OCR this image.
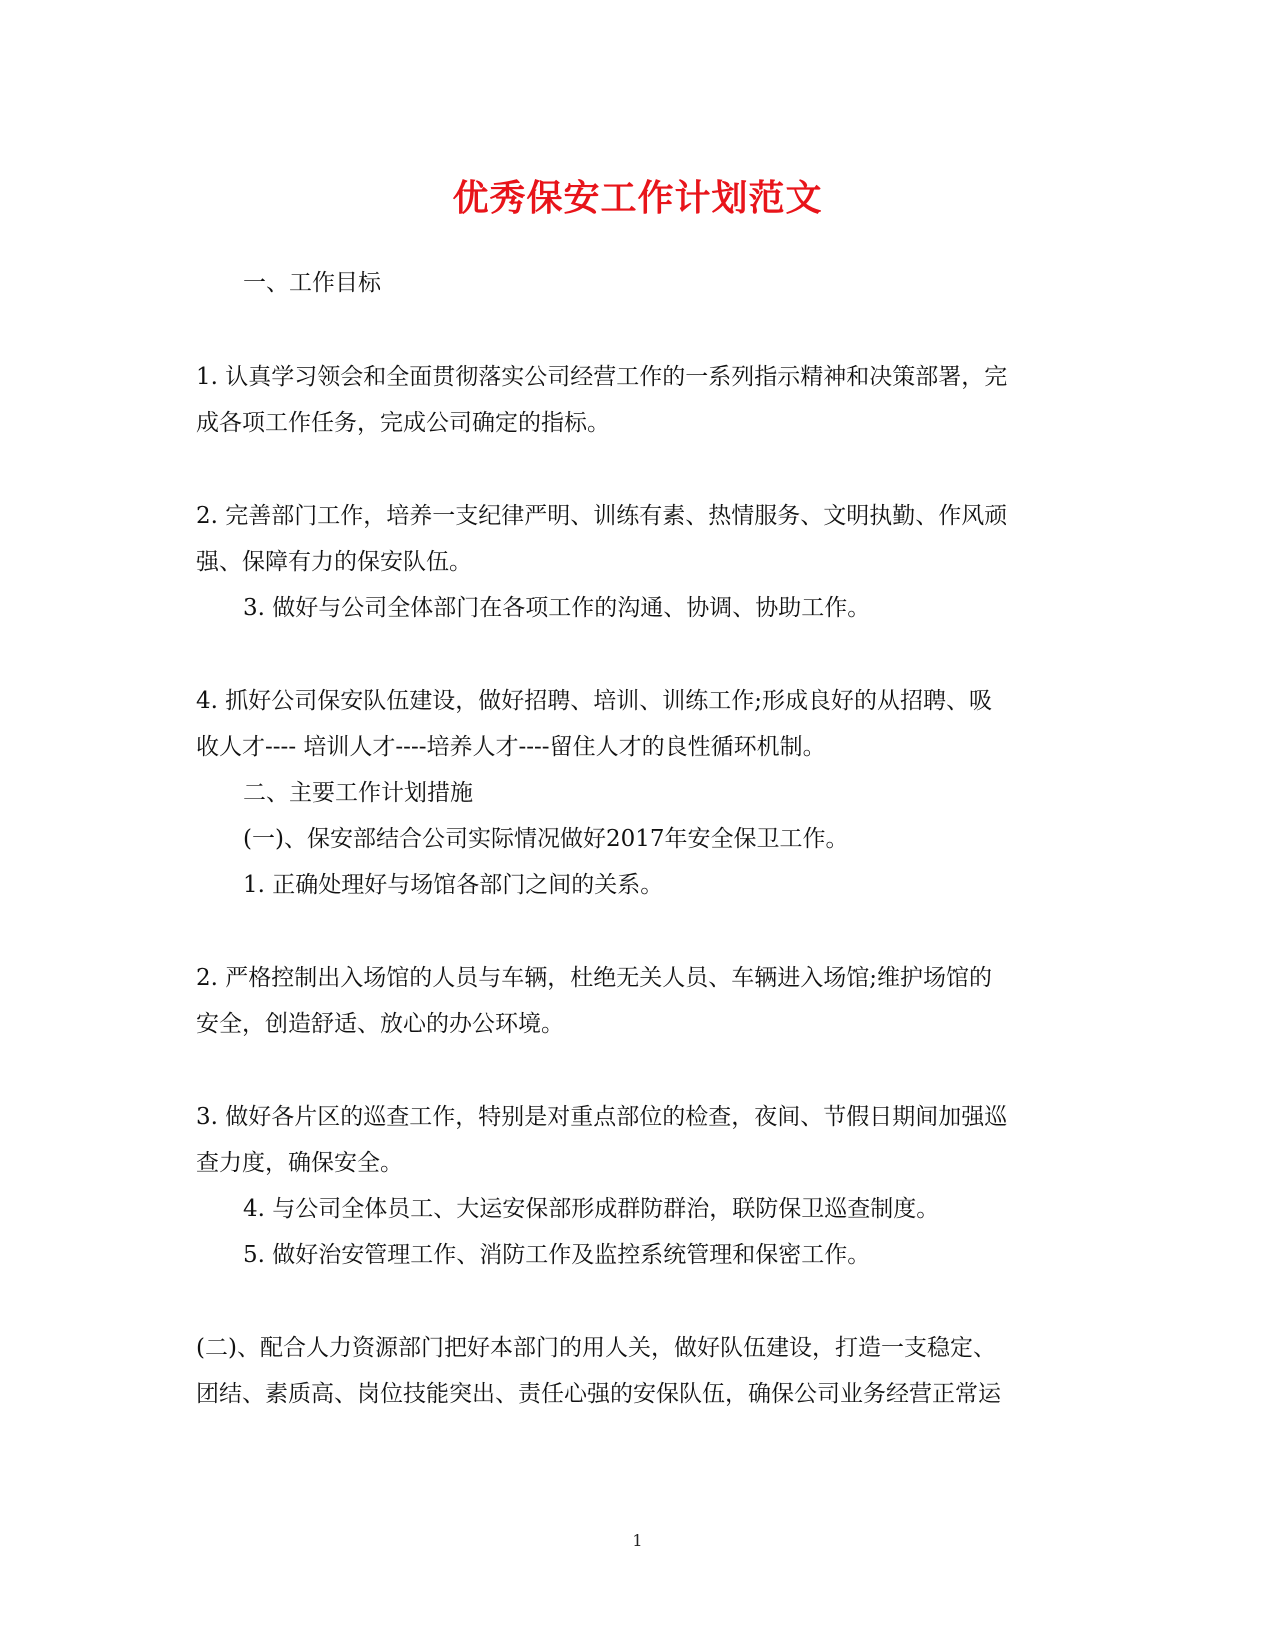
优秀保安工作计划范文
一、工作目标
1. 认真学习领会和全面贯彻落实公司经营工作的一系列指示精神和决策部署，完
成各项工作任务，完成公司确定的指标。
2. 完善部门工作，培养一支纪律严明、训练有素、热情服务、文明执勤、作风顽
强、保障有力的保安队伍。
3. 做好与公司全体部门在各项工作的沟通、协调、协助工作。
4. 抓好公司保安队伍建设，做好招聘、培训、训练工作;形成良好的从招聘、吸
收人才---- 培训人才----培养人才----留住人才的良性循环机制。
二、主要工作计划措施
(一)、保安部结合公司实际情况做好2017年安全保卫工作。
1. 正确处理好与场馆各部门之间的关系。
2. 严格控制出入场馆的人员与车辆，杜绝无关人员、车辆进入场馆;维护场馆的
安全，创造舒适、放心的办公环境。
3. 做好各片区的巡查工作，特别是对重点部位的检查，夜间、节假日期间加强巡
查力度，确保安全。
4. 与公司全体员工、大运安保部形成群防群治，联防保卫巡查制度。
5. 做好治安管理工作、消防工作及监控系统管理和保密工作。
(二)、配合人力资源部门把好本部门的用人关，做好队伍建设，打造一支稳定、
团结、素质高、岗位技能突出、责任心强的安保队伍，确保公司业务经营正常运
1
